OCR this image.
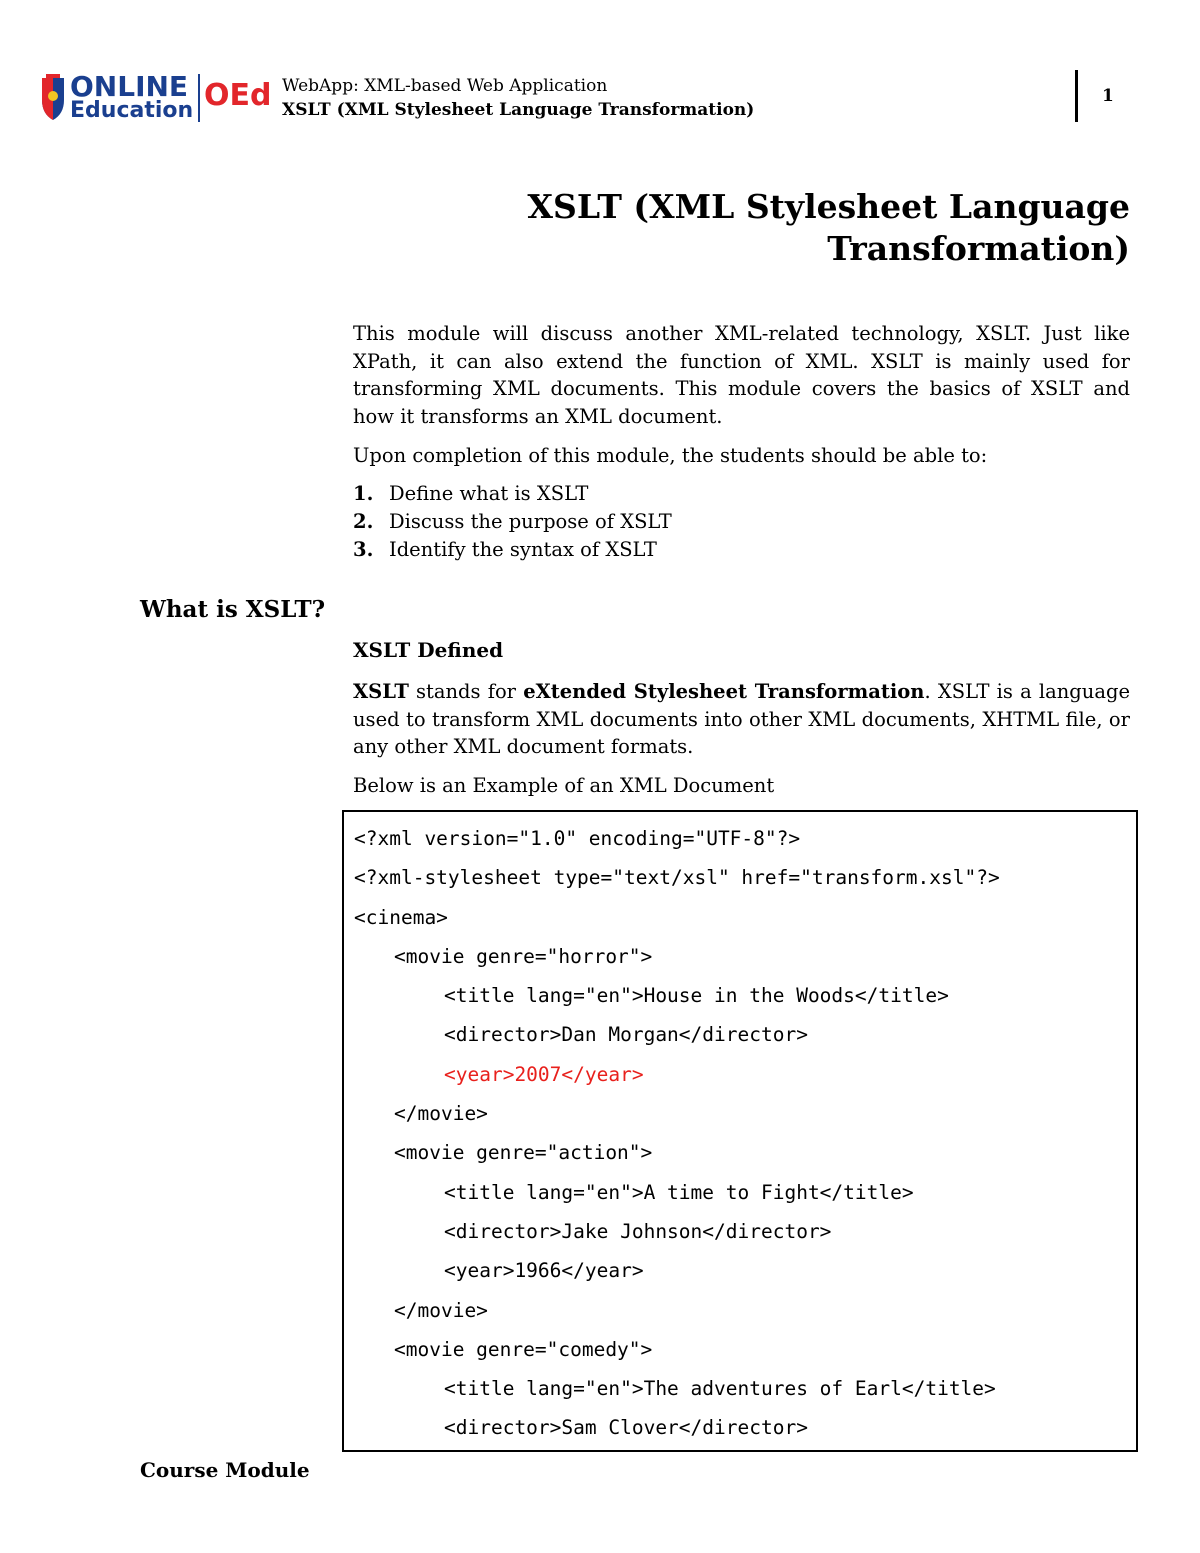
ONLINE
Education OEd WebApp: XML-based Web Application
XSLT (XML Stylesheet Language Transformation)
1
XSLT (XML Stylesheet Language
Transformation)

This module will discuss another XML-related technology, XSLT. Just like XPath, it can also extend the function of XML. XSLT is mainly used for transforming XML documents. This module covers the basics of XSLT and how it transforms an XML document.

Upon completion of this module, the students should be able to:
1. Define what is XSLT
2. Discuss the purpose of XSLT
3. Identify the syntax of XSLT
What is XSLT?
XSLT Defined

XSLT stands for eXtended Stylesheet Transformation. XSLT is a language used to transform XML documents into other XML documents, XHTML file, or any other XML document formats.

Below is an Example of an XML Document
<?xml version="1.0" encoding="UTF-8"?>
<?xml-stylesheet type="text/xsl" href="transform.xsl"?>
<cinema>
<movie genre="horror">
<title lang="en">House in the Woods</title>
<director>Dan Morgan</director>
<year>2007</year>
</movie>
<movie genre="action">
<title lang="en">A time to Fight</title>
<director>Jake Johnson</director>
<year>1966</year>
</movie>
<movie genre="comedy">
<title lang="en">The adventures of Earl</title>
<director>Sam Clover</director>
Course Module
